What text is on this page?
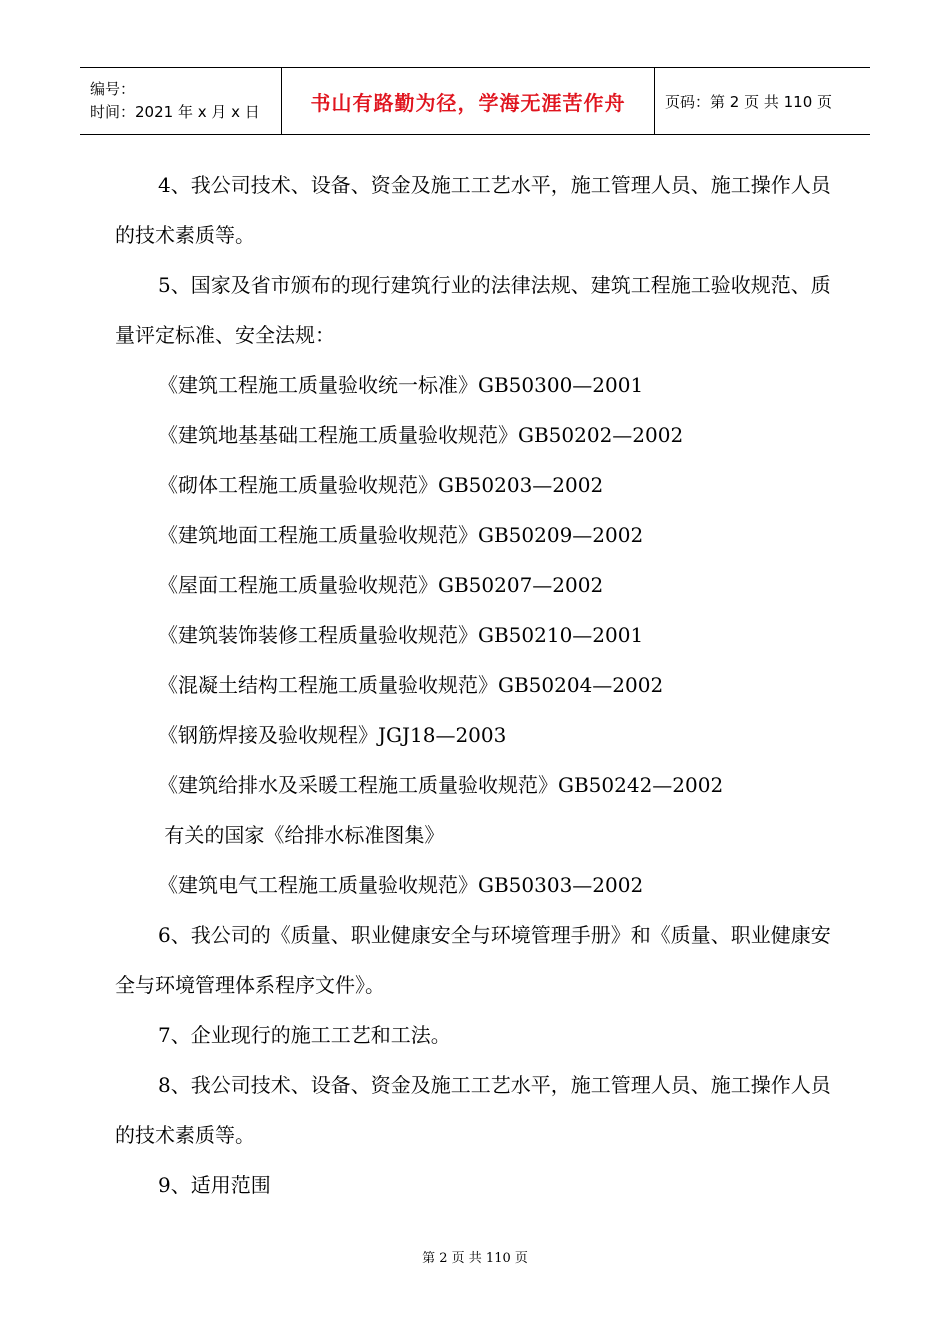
编号：
时间：2021 年 x 月 x 日	书山有路勤为径，学海无涯苦作舟	页码：第 2 页 共 110 页

4、我公司技术、设备、资金及施工工艺水平，施工管理人员、施工操作人员的技术素质等。

5、国家及省市颁布的现行建筑行业的法律法规、建筑工程施工验收规范、质量评定标准、安全法规：

《建筑工程施工质量验收统一标准》GB50300—2001

《建筑地基基础工程施工质量验收规范》GB50202—2002

《砌体工程施工质量验收规范》GB50203—2002

《建筑地面工程施工质量验收规范》GB50209—2002

《屋面工程施工质量验收规范》GB50207—2002

《建筑装饰装修工程质量验收规范》GB50210—2001

《混凝土结构工程施工质量验收规范》GB50204—2002

《钢筋焊接及验收规程》JGJ18—2003

《建筑给排水及采暖工程施工质量验收规范》GB50242—2002

有关的国家《给排水标准图集》

《建筑电气工程施工质量验收规范》GB50303—2002

6、我公司的《质量、职业健康安全与环境管理手册》和《质量、职业健康安全与环境管理体系程序文件》。

7、企业现行的施工工艺和工法。

8、我公司技术、设备、资金及施工工艺水平，施工管理人员、施工操作人员的技术素质等。

9、适用范围

第 2 页 共 110 页
